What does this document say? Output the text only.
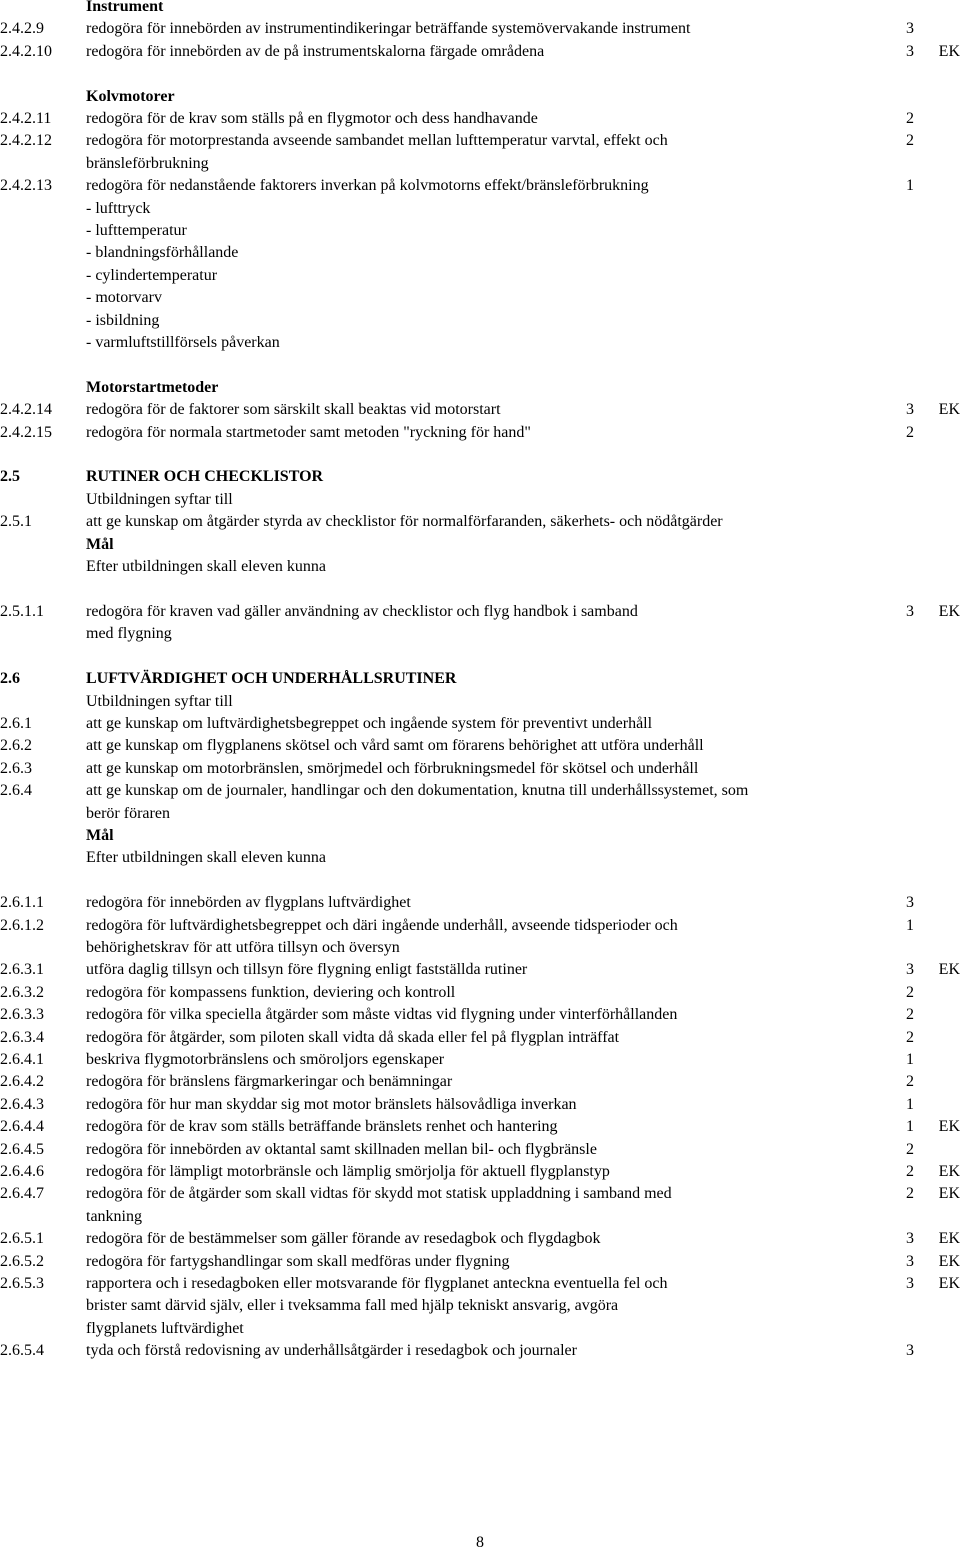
Instrument
2.4.2.9	redogöra för innebörden av instrumentindikeringar beträffande systemövervakande instrument	3
2.4.2.10	redogöra för innebörden av de på instrumentskalorna färgade områdena	3	EK
Kolvmotorer
2.4.2.11	redogöra för de krav som ställs på en flygmotor och dess handhavande	2
2.4.2.12	redogöra för motorprestanda avseende sambandet mellan lufttemperatur varvtal, effekt och	2
bränsleförbrukning
2.4.2.13	redogöra för nedanstående faktorers inverkan på kolvmotorns effekt/bränsleförbrukning	1
- lufttryck
- lufttemperatur
- blandningsförhållande
- cylindertemperatur
- motorvarv
- isbildning
- varmluftstillförsels påverkan
Motorstartmetoder
2.4.2.14	redogöra för de faktorer som särskilt skall beaktas vid motorstart	3	EK
2.4.2.15	redogöra för normala startmetoder samt metoden "ryckning för hand"	2
2.5	RUTINER OCH CHECKLISTOR
Utbildningen syftar till
2.5.1	att ge kunskap om åtgärder styrda av checklistor för normalförfaranden, säkerhets- och nödåtgärder
Mål
Efter utbildningen skall eleven kunna
2.5.1.1	redogöra för kraven vad gäller användning av checklistor och flyg handbok i samband	3	EK
med flygning
2.6	LUFTVÄRDIGHET OCH UNDERHÅLLSRUTINER
Utbildningen syftar till
2.6.1	att ge kunskap om luftvärdighetsbegreppet och ingående system för preventivt underhåll
2.6.2	att ge kunskap om flygplanens skötsel och vård samt om förarens behörighet att utföra underhåll
2.6.3	att ge kunskap om motorbränslen, smörjmedel och förbrukningsmedel för skötsel och underhåll
2.6.4	att ge kunskap om de journaler, handlingar och den dokumentation, knutna till underhållssystemet, som
berör föraren
Mål
Efter utbildningen skall eleven kunna
2.6.1.1	redogöra för innebörden av flygplans luftvärdighet	3
2.6.1.2	redogöra för luftvärdighetsbegreppet och däri ingående underhåll, avseende tidsperioder och	1
behörighetskrav för att utföra tillsyn och översyn
2.6.3.1	utföra daglig tillsyn och tillsyn före flygning enligt fastställda rutiner	3	EK
2.6.3.2	redogöra för kompassens funktion, deviering och kontroll	2
2.6.3.3	redogöra för vilka speciella åtgärder som måste vidtas vid flygning under vinterförhållanden	2
2.6.3.4	redogöra för åtgärder, som piloten skall vidta då skada eller fel på flygplan inträffat	2
2.6.4.1	beskriva flygmotorbränslens och smöroljors egenskaper	1
2.6.4.2	redogöra för bränslens färgmarkeringar och benämningar	2
2.6.4.3	redogöra för hur man skyddar sig mot motor bränslets hälsovådliga inverkan	1
2.6.4.4	redogöra för de krav som ställs beträffande bränslets renhet och hantering	1	EK
2.6.4.5	redogöra för innebörden av oktantal samt skillnaden mellan bil- och flygbränsle	2
2.6.4.6	redogöra för lämpligt motorbränsle och lämplig smörjolja för aktuell flygplanstyp	2	EK
2.6.4.7	redogöra för de åtgärder som skall vidtas för skydd mot statisk uppladdning i samband med	2	EK
tankning
2.6.5.1	redogöra för de bestämmelser som gäller förande av resedagbok och flygdagbok	3	EK
2.6.5.2	redogöra för fartygshandlingar som skall medföras under flygning	3	EK
2.6.5.3	rapportera och i resedagboken eller motsvarande för flygplanet anteckna eventuella fel och	3	EK
brister samt därvid själv, eller i tveksamma fall med hjälp tekniskt ansvarig, avgöra
flygplanets luftvärdighet
2.6.5.4	tyda och förstå redovisning av underhållsåtgärder i resedagbok och journaler	3
8
